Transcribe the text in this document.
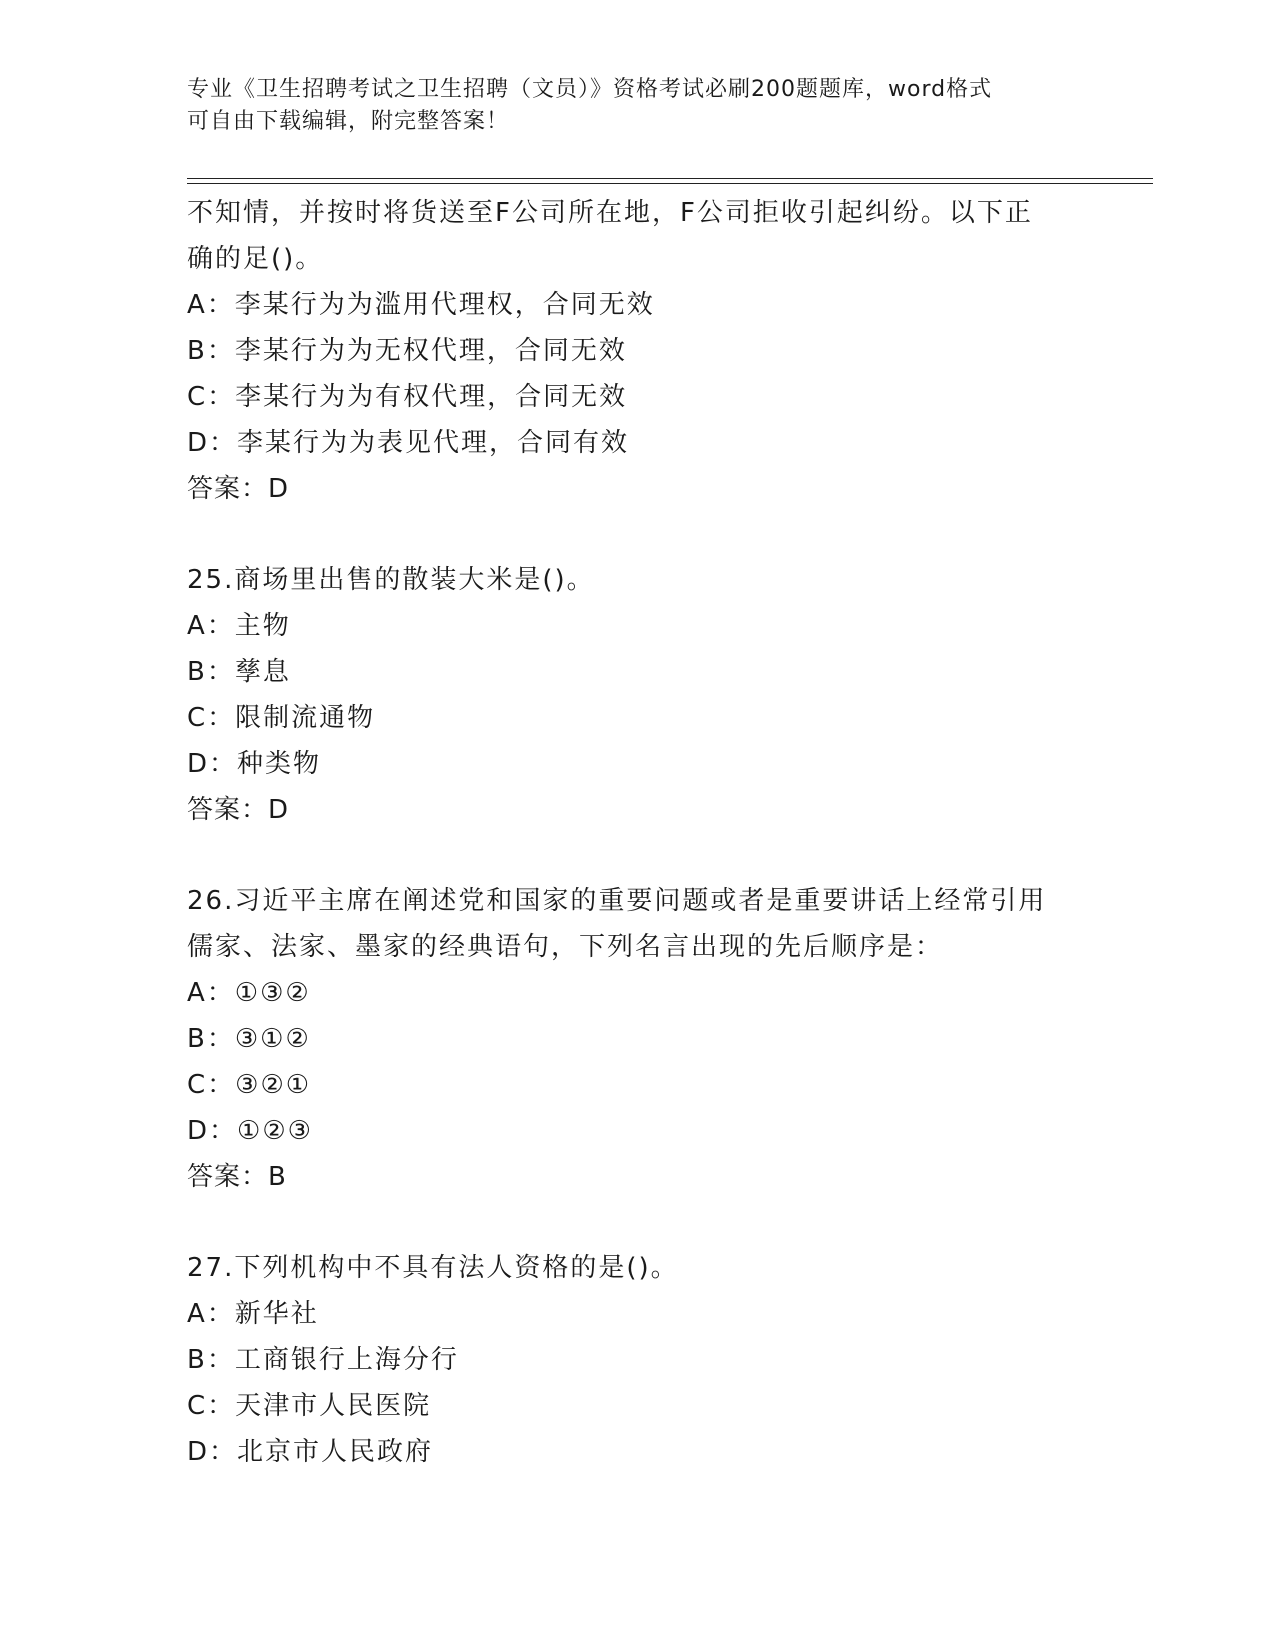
专业《卫生招聘考试之卫生招聘（文员）》资格考试必刷200题题库，word格式
可自由下载编辑，附完整答案！
不知情，并按时将货送至F公司所在地，F公司拒收引起纠纷。以下正
确的足()。
A：李某行为为滥用代理权，合同无效
B：李某行为为无权代理，合同无效
C：李某行为为有权代理，合同无效
D：李某行为为表见代理，合同有效
答案：D
25.商场里出售的散装大米是()。
A：主物
B：孳息
C：限制流通物
D：种类物
答案：D
26.习近平主席在阐述党和国家的重要问题或者是重要讲话上经常引用
儒家、法家、墨家的经典语句，下列名言出现的先后顺序是：
A：①③②
B：③①②
C：③②①
D：①②③
答案：B
27.下列机构中不具有法人资格的是()。
A：新华社
B：工商银行上海分行
C：天津市人民医院
D：北京市人民政府
